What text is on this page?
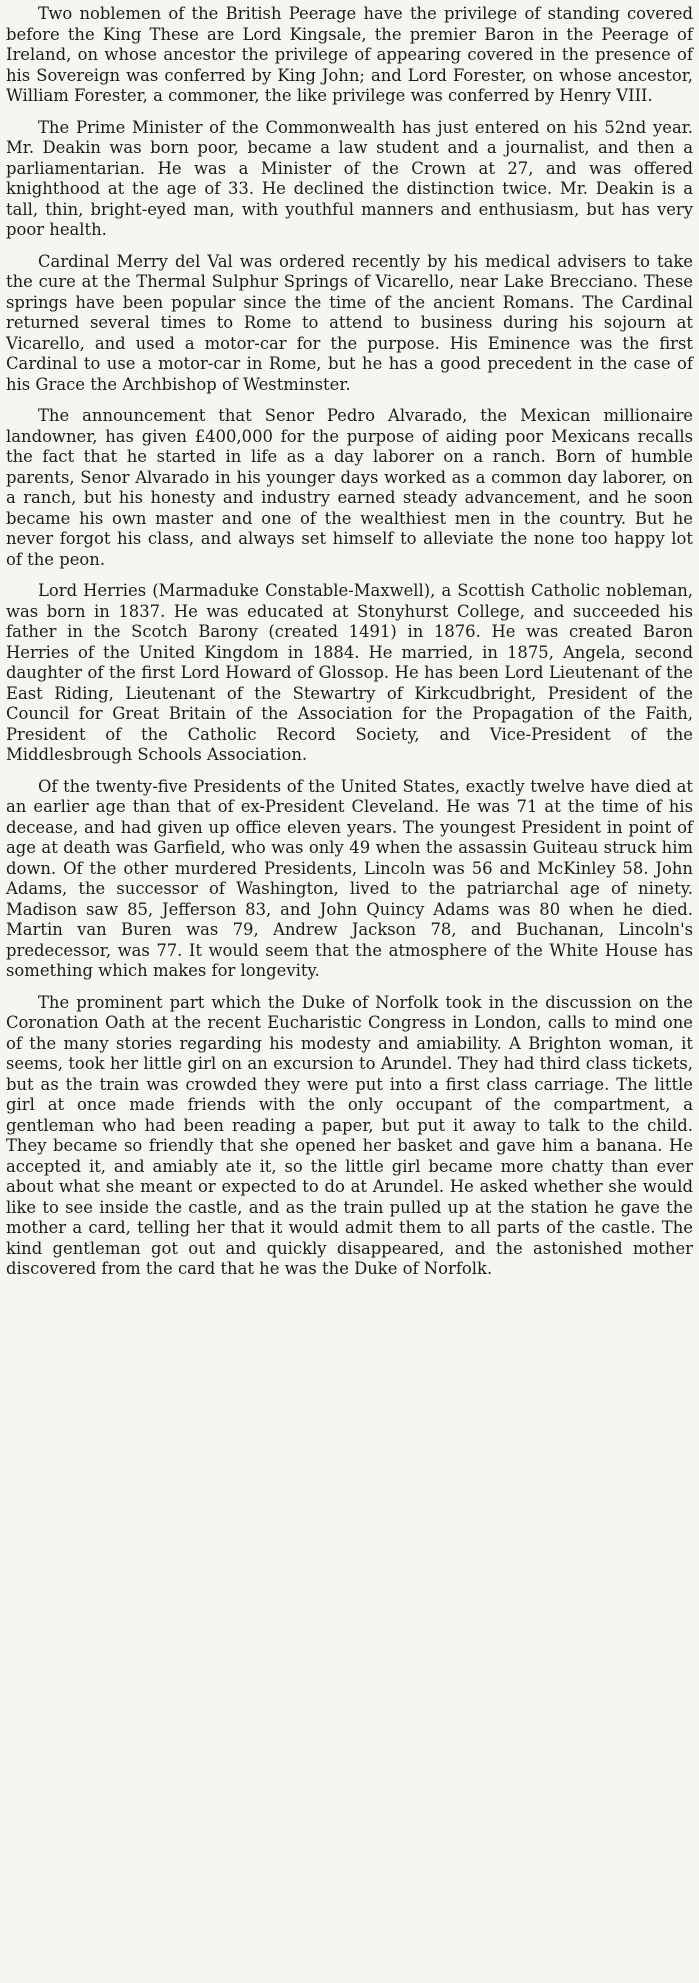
Two noblemen of the British Peerage have the privilege of standing covered before the King These are Lord Kingsale, the premier Baron in the Peerage of Ireland, on whose ancestor the privilege of appearing covered in the presence of his Sovereign was conferred by King John; and Lord Forester, on whose ancestor, William Forester, a commoner, the like privilege was conferred by Henry VIII.

The Prime Minister of the Commonwealth has just entered on his 52nd year. Mr. Deakin was born poor, became a law student and a journalist, and then a parliamentarian. He was a Minister of the Crown at 27, and was offered knighthood at the age of 33. He declined the distinction twice. Mr. Deakin is a tall, thin, bright-eyed man, with youthful manners and enthusiasm, but has very poor health.

Cardinal Merry del Val was ordered recently by his medical advisers to take the cure at the Thermal Sulphur Springs of Vicarello, near Lake Brecciano. These springs have been popular since the time of the ancient Romans. The Cardinal returned several times to Rome to attend to business during his sojourn at Vicarello, and used a motor-car for the purpose. His Eminence was the first Cardinal to use a motor-car in Rome, but he has a good precedent in the case of his Grace the Archbishop of Westminster.

The announcement that Senor Pedro Alvarado, the Mexican millionaire landowner, has given £400,000 for the purpose of aiding poor Mexicans recalls the fact that he started in life as a day laborer on a ranch. Born of humble parents, Senor Alvarado in his younger days worked as a common day laborer, on a ranch, but his honesty and industry earned steady advancement, and he soon became his own master and one of the wealthiest men in the country. But he never forgot his class, and always set himself to alleviate the none too happy lot of the peon.

Lord Herries (Marmaduke Constable-Maxwell), a Scottish Catholic nobleman, was born in 1837. He was educated at Stonyhurst College, and succeeded his father in the Scotch Barony (created 1491) in 1876. He was created Baron Herries of the United Kingdom in 1884. He married, in 1875, Angela, second daughter of the first Lord Howard of Glossop. He has been Lord Lieutenant of the East Riding, Lieutenant of the Stewartry of Kirkcudbright, President of the Council for Great Britain of the Association for the Propagation of the Faith, President of the Catholic Record Society, and Vice-President of the Middlesbrough Schools Association.

Of the twenty-five Presidents of the United States, exactly twelve have died at an earlier age than that of ex-President Cleveland. He was 71 at the time of his decease, and had given up office eleven years. The youngest President in point of age at death was Garfield, who was only 49 when the assassin Guiteau struck him down. Of the other murdered Presidents, Lincoln was 56 and McKinley 58. John Adams, the successor of Washington, lived to the patriarchal age of ninety. Madison saw 85, Jefferson 83, and John Quincy Adams was 80 when he died. Martin van Buren was 79, Andrew Jackson 78, and Buchanan, Lincoln's predecessor, was 77. It would seem that the atmosphere of the White House has something which makes for longevity.

The prominent part which the Duke of Norfolk took in the discussion on the Coronation Oath at the recent Eucharistic Congress in London, calls to mind one of the many stories regarding his modesty and amiability. A Brighton woman, it seems, took her little girl on an excursion to Arundel. They had third class tickets, but as the train was crowded they were put into a first class carriage. The little girl at once made friends with the only occupant of the compartment, a gentleman who had been reading a paper, but put it away to talk to the child. They became so friendly that she opened her basket and gave him a banana. He accepted it, and amiably ate it, so the little girl became more chatty than ever about what she meant or expected to do at Arundel. He asked whether she would like to see inside the castle, and as the train pulled up at the station he gave the mother a card, telling her that it would admit them to all parts of the castle. The kind gentleman got out and quickly disappeared, and the astonished mother discovered from the card that he was the Duke of Norfolk.
